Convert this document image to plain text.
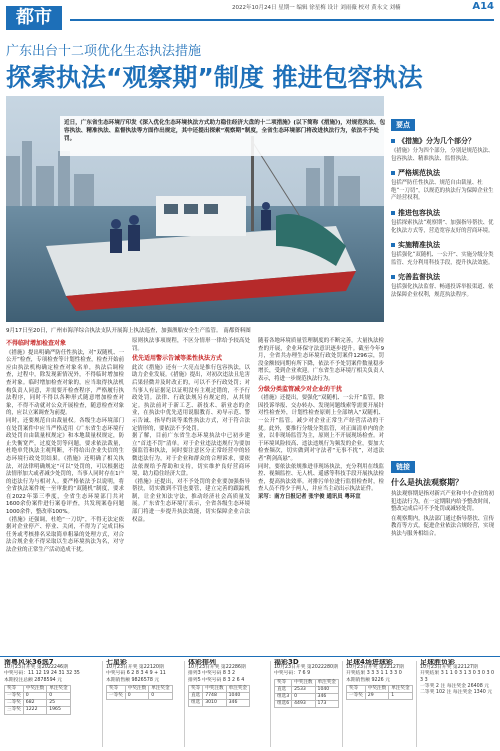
都市	2022年10月24日 星期一 编辑 徐星梅 设计 刘雨薇 校对 黄永文 刘楠	A14
广东出台十二项优化生态执法措施
探索执法“观察期”制度 推进包容执法
近日，广东省生态环境厅印发《深入优化生态环境执法方式助力稳住经济大盘的十二项措施》(以下简称《措施》)，对规范执法、包容执法、精准执法、监督执法等方面作出规定，其中还提出探索“观察期”制度，全省生态环境部门将改进执法行为，依法不予处罚。
9月17日至20日，广州市海洋综合执法支队开展海上执法巡查，加强渔船安全生产监管。 南都资料图
不得临时增加检查对象

《措施》提出明确严防任性执法，对“双随机、一公开”检查，专项检查等计划性检查，检查开始前应由执法机构确定检查对象名单，执法后调检查，过程中，除发现新情况外，不得临时增加检查对象。临时增加检查对象的，应当取得执法机构负责人同意，并需要开检查程序，严格履行执法程序，同时不得以各种形式随意增加检查对象，不得不动就对公众开展检查，随意检查对象的，应以立案调查为前提。

同时，还要规范自由裁量权。各级生态环境部门在处罚案件中应当严格适用《广东省生态环境行政处罚自由裁量权规定》和本地裁量权规定，防止失衡宽严，过度处罚等问题，要求依法裁量，杜绝单凭执法主观判断，不得给出企业失信的生态环境行政处罚结果。《措施》还明确了相关执法，对法律明确规定“可以”处罚的，可以根据违法情形加大或者减少处罚的，当事人同时存在1户的违法行为与相对人。要严格依法予以说明，将全省执法案件统一至审批的“双随机”制度，要求在2022年第三季度，全省生态环境部门共对1600余份案件进行案卷评查，共发现案卷问题1000余件，整改率100%。

《措施》还强调，杜绝“一刀切”，不得无法定依据对企业停产、停业、关闭，不得为了完成目标任务或考核排名采取简单粗暴的处理方式，对合法合规企业不得采取以生态环境执法为名，对守法企业的正常生产活动造成干扰。

原则执法事项规程，不区分情形一律给予较高处罚。

优先适用警示告诫等柔性执法方式

此次《措施》还有一大亮点是推行包容执法，以助力企业发展。《措施》提出，对初次违法且危害后果轻微并及时改正的，可以不予行政处罚；对当事人有证据足以证明没有主观过错的，不予行政处罚。法律、行政法规另有规定的，从其规定。执法前对于新工艺、新技术、新业态的企业，在执法中优先适用说服教育、劝导示范、警示告诫、指导约谈等柔性执法方式，对于符合法定情形的，要依法不予处罚。

据了解，目前广东省生态环境执法中已初步建立“首违不罚”清单。对于企业违法违规行为要加强监管和执法，同时要注意区分正常经营中的轻微违法行为，对于企业和群众的合理诉求，要依法依规给予帮助和支持，切实维护良好营商环境，助力稳住经济大盘。

《措施》还提出，对不予处罚的企业要加强指导帮扶，切实做到不罚也要管，建立完善的跟踪机制，让企业知法守法，推动经济社会高质量发展。广东省生态环境厅表示，全省各级生态环境部门将进一步提升执法效能，切实保障企业合法权益。

随着各地环境质量管理制度的不断完善，大量执法检查的开展，企业环保守法意识逐步提升。截至今年9月，全省共办理生态环境行政处罚案件1296宗，罚没金额较同期有所下降，依法不予处罚案件数量稳步增长，受到企业欢迎。广东省生态环境厅相关负责人表示，将进一步规范执法行为。

分级分类监管减少对企业的干扰

《措施》还提出，要强化“双随机、一公开”监管，除因投诉举报、交办转办、发现问题线索等需要开展针对性检查外，计划性检查原则上全部纳入“双随机、一公开”监管。减少对企业正常生产经营活动的干扰。此外，要推行分级分类监管，对正面清单内的企业，以非现场监管为主，原则上不开展现场检查。对于环境风险较高、违法违规行为频发的企业，要加大检查频次，切实做到对守法者“无事不扰”，对违法者“利剑高悬”。

同时，要依法依规推进非现场执法，充分利用在线监控、视频监控、无人机、遥感等科技手段开展执法检查，提高执法效率。对排污单位进行监督检查时，检查人员不得少于两人，并应当主动出示执法证件。

采写：南方日报记者 张宇俊 通讯员 粤环宣

要点
《措施》分为几个部分？

《措施》分为四个部分，分别是规范执法、包容执法、精准执法、监督执法。

严格规范执法

包括严防任性执法、规范自由裁量、杜绝“一刀切”，以规范的执法行为保障企业生产经营权利。

推进包容执法

包括探索执法“观察期”、加强指导帮扶、优化执法方式等，营造宽容友好的营商环境。

实施精准执法

包括强化“双随机、一公开”、实施分级分类监管、充分利用科技手段，提升执法效能。

完善监督执法

包括强化执法监督、畅通投诉举报渠道、依法保障企业权利，规范执法程序。

链接
什么是执法观察期？

执法观察期是指对新兴产业和中小企业的初犯违法行为，在一定期限内给予整改时间，整改完成后可不予处罚或减轻处罚。

在观察期内，执法部门通过指导帮扶、宣传教育等方式，促进企业依法合规经营，实现执法与服务相结合。

南粤风采36选7
10月23日开奖 第2022246期
中奖号码：11 12 19 24 31 32 35
本期投注总额 2878594 元
奖等	中奖注数	单注奖金
一等奖	0	0
二等奖	682	25
三等奖	1222	1965
七星彩
10月23日开奖 第22120期
中奖号码 6 2 8 3 4 9 + 11
本期销售额 9826578 元
奖等	中奖注数	单注奖金
一等奖	0	0
体彩排列
10月23日开奖 第22286期
排列3 中奖号码 8 3 2
排列5 中奖号码 8 3 2 6 4
奖等	中奖注数	单注奖金
直选	7748	1040
组选	3010	346
福彩3D
10月23日开奖 第2022280期
中奖号码：7 6 9
奖等	中奖注数	单注奖金
直选	2533	1040
组选3	0	346
组选6	4493	173
足球4场进球彩
10月23日开奖 第22127期
开奖结果 3 3 3 1 1 3 3 0
本期销售额 9226 元
奖等	中奖注数	单注奖金
一等奖	29	1
足球胜负彩
10月23日开奖 第22127期
开奖结果 3 1 1 0 3 1 3 0 3 0 3 0 3 3
一等奖 2 注 每注奖金 26408 元
二等奖 102 注 每注奖金 1340 元
